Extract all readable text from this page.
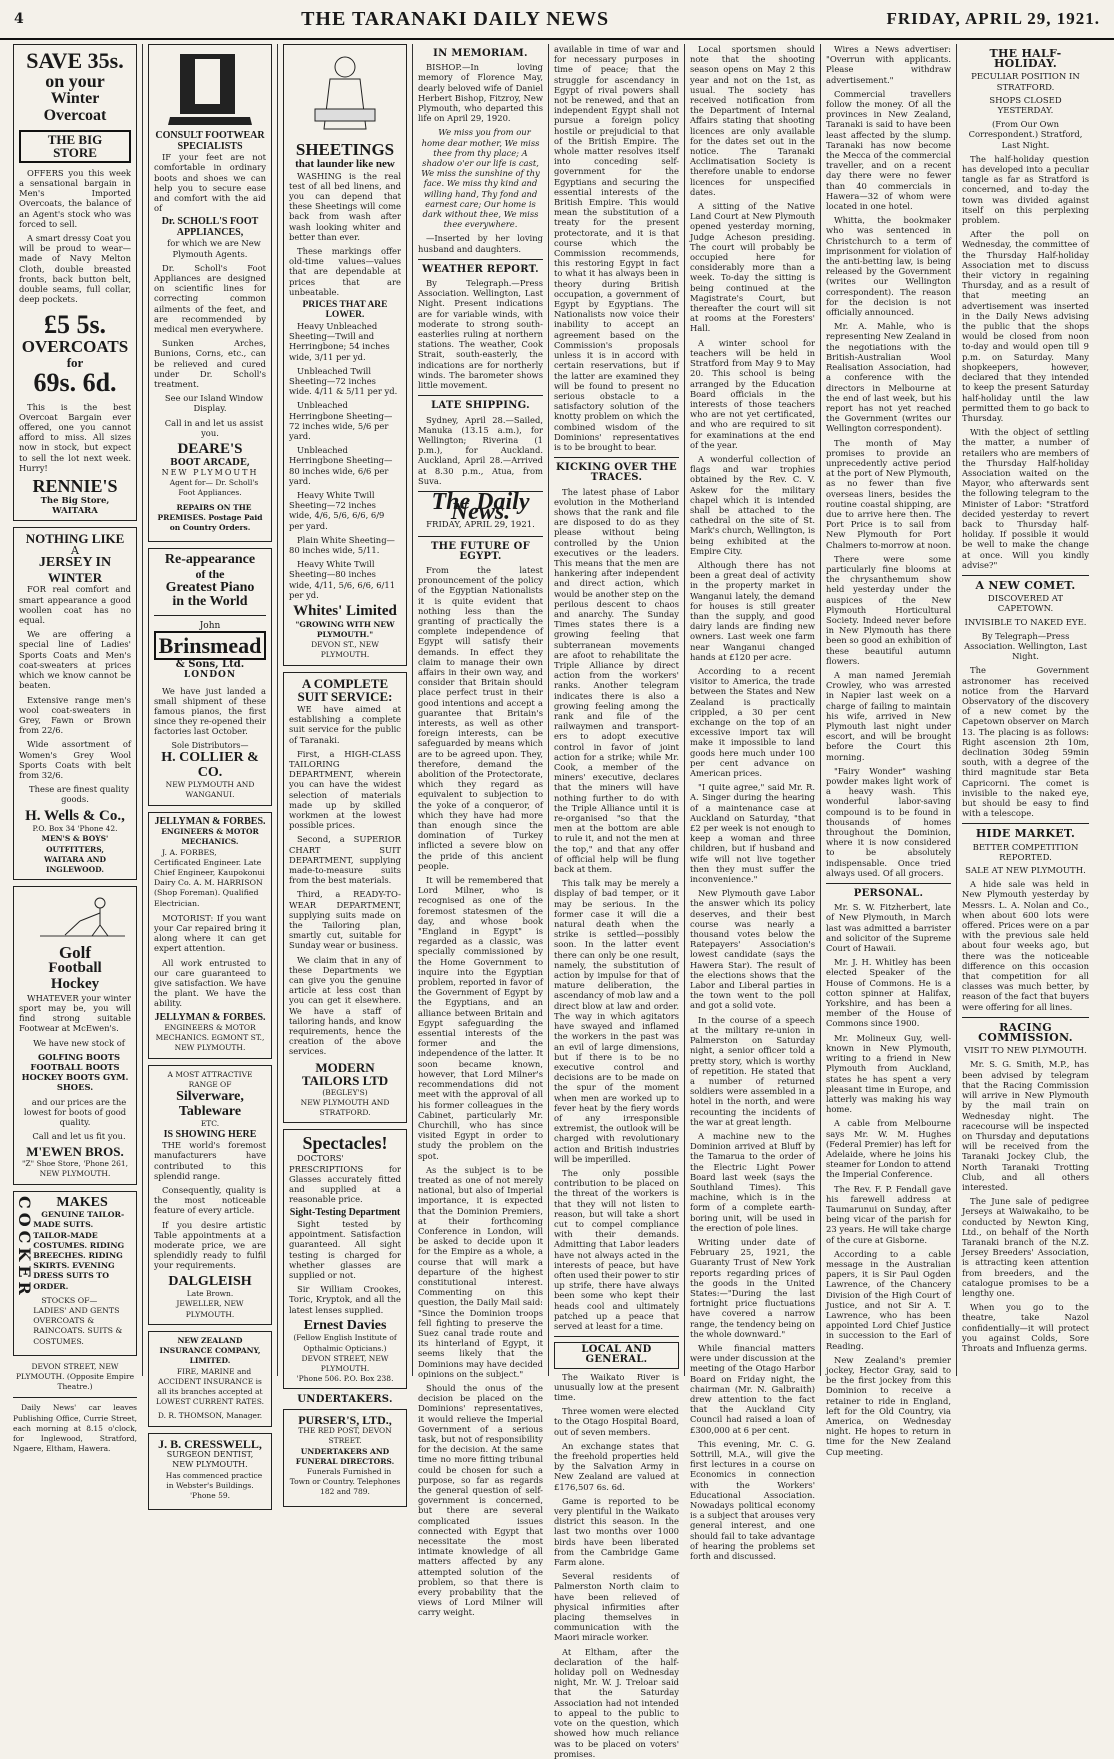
4	THE TARANAKI DAILY NEWS	FRIDAY, APRIL 29, 1921.
SAVE 35s.
on your
Winter Overcoat
THE BIG STORE

OFFERS you this week a sensational bargain in Men's Imported Overcoats, the balance of an Agent's stock who was forced to sell.

A smart dressy Coat you will be proud to wear—made of Navy Melton Cloth, double breasted fronts, back button belt, double seams, full collar, deep pockets.

£5 5s.
OVERCOATS
for
69s. 6d.

This is the best Overcoat Bargain ever offered, one you cannot afford to miss. All sizes now in stock, but expect to sell the lot next week. Hurry!

RENNIE'S
The Big Store, WAITARA
NOTHING LIKE
A
JERSEY IN
WINTER

FOR real comfort and smart appearance a good woollen coat has no equal.

We are offering a special line of Ladies' Sports Coats and Men's coat-sweaters at prices which we know cannot be beaten.

Extensive range men's wool coat-sweaters in Grey, Fawn or Brown from 22/6.

Wide assortment of Women's Grey Wool Sports Coats with belt from 32/6.

These are finest quality goods.

H. Wells & Co.,
P.O. Box 34 'Phone 42.
MEN'S & BOYS' OUTFITTERS,
WAITARA AND INGLEWOOD.
Golf
Football
Hockey

WHATEVER your winter sport may be, you will find strong suitable Footwear at McEwen's.

We have new stock of

GOLFING BOOTS FOOTBALL BOOTS HOCKEY BOOTS GYM. SHOES.

and our prices are the lowest for boots of good quality.

Call and let us fit you.

M'EWEN BROS.
"Z" Shoe Store, 'Phone 261, NEW PLYMOUTH.
COCKER	MAKES

GENUINE TAILOR-MADE SUITS. TAILOR-MADE COSTUMES. RIDING BREECHES. RIDING SKIRTS. EVENING DRESS SUITS TO ORDER.

STOCKS OF— LADIES' AND GENTS OVERCOATS & RAINCOATS. SUITS & COSTUMES.

DEVON STREET, NEW PLYMOUTH. (Opposite Empire Theatre.)

Daily News' car leaves Publishing Office, Currie Street, each morning at 8.15 o'clock, for Inglewood, Stratford, Ngaere, Eltham, Hawera.

CONSULT FOOTWEAR SPECIALISTS

IF your feet are not comfortable in ordinary boots and shoes we can help you to secure ease and comfort with the aid of

Dr. SCHOLL'S FOOT APPLIANCES,

for which we are New Plymouth Agents.

Dr. Scholl's Foot Appliances are designed on scientific lines for correcting common ailments of the feet, and are recommended by medical men everywhere.

Sunken Arches, Bunions, Corns, etc., can be relieved and cured under Dr. Scholl's treatment.

See our Island Window Display.

Call in and let us assist you.

DEARE'S
BOOT ARCADE,
NEW PLYMOUTH

Agent for— Dr. Scholl's Foot Appliances.

REPAIRS ON THE PREMISES. Postage Paid on Country Orders.

Re-appearance
of the
Greatest Piano
in the World
John
Brinsmead
& Sons, Ltd.
LONDON

We have just landed a small shipment of these famous pianos, the first since they re-opened their factories last October.

Sole Distributors—
H. COLLIER & CO.
NEW PLYMOUTH AND WANGANUI.
JELLYMAN & FORBES.
ENGINEERS & MOTOR MECHANICS.

J. A. FORBES, Certificated Engineer. Late Chief Engineer, Kaupokonui Dairy Co. A. M. HARRISON (Shop Foreman). Qualified Electrician.

MOTORIST: If you want your Car repaired bring it along where it can get expert attention.

All work entrusted to our care guaranteed to give satisfaction. We have the plant. We have the ability.

JELLYMAN & FORBES.
ENGINEERS & MOTOR MECHANICS. EGMONT ST., NEW PLYMOUTH.
A MOST ATTRACTIVE RANGE OF
Silverware, Tableware
ETC.
IS SHOWING HERE

THE world's foremost manufacturers have contributed to this splendid range.

Consequently, quality is the most noticeable feature of every article.

If you desire artistic Table appointments at a moderate price, we are splendidly ready to fulfil your requirements.

DALGLEISH
Late Brown.
JEWELLER, NEW PLYMOUTH.
NEW ZEALAND INSURANCE COMPANY, LIMITED.

FIRE, MARINE and ACCIDENT INSURANCE is all its branches accepted at LOWEST CURRENT RATES.

D. R. THOMSON, Manager.
J. B. CRESSWELL,
SURGEON DENTIST,
NEW PLYMOUTH.

Has commenced practice in Webster's Buildings. 'Phone 59.

SHEETINGS
that launder like new

WASHING is the real test of all bed linens, and you can depend that these Sheetings will come back from wash after wash looking whiter and better than ever.

These markings offer old-time values—values that are dependable at prices that are unbeatable.

PRICES THAT ARE LOWER.

Heavy Unbleached Sheeting—Twill and Herringbone; 54 inches wide, 3/11 per yd.

Unbleached Twill Sheeting—72 inches wide. 4/11 & 5/11 per yd.

Unbleached Herringbone Sheeting—72 inches wide, 5/6 per yard.

Unbleached Herringbone Sheeting—80 inches wide, 6/6 per yard.

Heavy White Twill Sheeting—72 inches wide, 4/6, 5/6, 6/6, 6/9 per yard.

Plain White Sheeting—80 inches wide, 5/11.

Heavy White Twill Sheeting—80 inches wide, 4/11, 5/6, 6/6, 6/11 per yd.

Whites' Limited
"GROWING WITH NEW PLYMOUTH."
DEVON ST., NEW PLYMOUTH.
A COMPLETE SUIT SERVICE:

WE have aimed at establishing a complete suit service for the public of Taranaki.

First, a HIGH-CLASS TAILORING DEPARTMENT, wherein you can have the widest selection of materials made up by skilled workmen at the lowest possible prices.

Second, a SUPERIOR CHART SUIT DEPARTMENT, supplying made-to-measure suits from the best materials.

Third, a READY-TO-WEAR DEPARTMENT, supplying suits made on the Tailoring plan, smartly cut, suitable for Sunday wear or business.

We claim that in any of these Departments we can give you the genuine article at less cost than you can get it elsewhere. We have a staff of tailoring hands, and know requirements, hence the creation of the above services.

MODERN TAILORS LTD
(BEGLEY'S)
NEW PLYMOUTH AND STRATFORD.
Spectacles!

DOCTORS' PRESCRIPTIONS for Glasses accurately fitted and supplied at a reasonable price.

Sight-Testing Department

Sight tested by appointment. Satisfaction guaranteed. All sight testing is charged for whether glasses are supplied or not.

Sir William Crookes, Toric, Kryptok, and all the latest lenses supplied.

Ernest Davies
(Fellow English Institute of Opthalmic Opticians.)
DEVON STREET, NEW PLYMOUTH.
'Phone 506. P.O. Box 238.
UNDERTAKERS.
PURSER'S, LTD.,
THE RED POST, DEVON STREET.
UNDERTAKERS AND FUNERAL DIRECTORS.

Funerals Furnished in Town or Country. Telephones 182 and 789.

IN MEMORIAM.

BISHOP.—In loving memory of Florence May, dearly beloved wife of Daniel Herbert Bishop, Fitzroy, New Plymouth, who departed this life on April 29, 1920.

We miss you from our home dear mother, We miss thee from thy place; A shadow o'er our life is cast, We miss the sunshine of thy face. We miss thy kind and willing hand, Thy fond and earnest care; Our home is dark without thee, We miss thee everywhere.

—Inserted by her loving husband and daughters.

WEATHER REPORT.

By Telegraph.—Press Association. Wellington, Last Night. Present indications are for variable winds, with moderate to strong south-easterlies ruling at northern stations. The weather, Cook Strait, south-easterly, the indications are for northerly winds. The barometer shows little movement.

LATE SHIPPING.

Sydney, April 28.—Sailed, Manuka (13.15 a.m.), for Wellington; Riverina (1 p.m.), for Auckland. Auckland, April 28.—Arrived at 8.30 p.m., Atua, from Suva.

The Daily News.
FRIDAY, APRIL 29, 1921.
THE FUTURE OF EGYPT.

From the latest pronouncement of the policy of the Egyptian Nationalists it is quite evident that nothing less than the granting of practically the complete independence of Egypt will satisfy their demands. In effect they claim to manage their own affairs in their own way, and consider that Britain should place perfect trust in their good intentions and accept a guarantee that Britain's interests, as well as other foreign interests, can be safeguarded by means which are to be agreed upon. They, therefore, demand the abolition of the Protectorate, which they regard as equivalent to subjection to the yoke of a conqueror, of which they have had more than enough since the domination of Turkey inflicted a severe blow on the pride of this ancient people.

It will be remembered that Lord Milner, who is recognised as one of the foremost statesmen of the day, and whose book "England in Egypt" is regarded as a classic, was specially commissioned by the Home Government to inquire into the Egyptian problem, reported in favor of the Government of Egypt by the Egyptians, and an alliance between Britain and Egypt safeguarding the essential interests of the former and the independence of the latter. It soon became known, however, that Lord Milner's recommendations did not meet with the approval of all his former colleagues in the Cabinet, particularly Mr. Churchill, who has since visited Egypt in order to study the problem on the spot.

As the subject is to be treated as one of not merely national, but also of Imperial importance, it is expected that the Dominion Premiers, at their forthcoming Conference in London, will be asked to decide upon it for the Empire as a whole, a course that will mark a departure of the highest constitutional interest. Commenting on this question, the Daily Mail said: "Since the Dominion troops fell fighting to preserve the Suez canal trade route and its hinterland of Egypt, it seems likely that the Dominions may have decided opinions on the subject."

Should the onus of the decision be placed on the Dominions' representatives, it would relieve the Imperial Government of a serious task, but not of responsibility for the decision. At the same time no more fitting tribunal could be chosen for such a purpose, so far as regards the general question of self-government is concerned, but there are several complicated issues connected with Egypt that necessitate the most intimate knowledge of all matters affected by any attempted solution of the problem, so that there is every probability that the views of Lord Milner will carry weight.

available in time of war and for necessary purposes in time of peace; that the struggle for ascendancy in Egypt of rival powers shall not be renewed, and that an independent Egypt shall not pursue a foreign policy hostile or prejudicial to that of the British Empire. The whole matter resolves itself into conceding self-government for the Egyptians and securing the essential interests of the British Empire. This would mean the substitution of a treaty for the present protectorate, and it is that course which the Commission recommends, this restoring Egypt in fact to what it has always been in theory during British occupation, a government of Egypt by Egyptians. The Nationalists now voice their inability to accept an agreement based on the Commission's proposals unless it is in accord with certain reservations, but if the latter are examined they will be found to present no serious obstacle to a satisfactory solution of the knotty problem on which the combined wisdom of the Dominions' representatives is to be brought to bear.

KICKING OVER THE TRACES.

The latest phase of Labor evolution in the Motherland shows that the rank and file are disposed to do as they please without being controlled by the Union executives or the leaders. This means that the men are hankering after independent and direct action, which would be another step on the perilous descent to chaos and anarchy. The Sunday Times states there is a growing feeling that subterranean movements are afoot to rehabilitate the Triple Alliance by direct action from the workers' ranks. Another telegram indicates there is also a growing feeling among the rank and file of the railwaymen and transport-ers to adopt executive control in favor of joint action for a strike; while Mr. Cook, a member of the miners' executive, declares that the miners will have nothing further to do with the Triple Alliance until it is re-organised "so that the men at the bottom are able to rule it, and not the men at the top," and that any offer of official help will be flung back at them.

This talk may be merely a display of bad temper, or it may be serious. In the former case it will die a natural death when the strike is settled—possibly soon. In the latter event there can only be one result, namely, the substitution of action by impulse for that of mature deliberation, the ascendancy of mob law and a direct blow at law and order. The way in which agitators have swayed and inflamed the workers in the past was an evil of large dimensions, but if there is to be no executive control and decisions are to be made on the spur of the moment when men are worked up to fever heat by the fiery words of any irresponsible extremist, the outlook will be charged with revolutionary action and British industries will be imperilled.

The only possible contribution to be placed on the threat of the workers is that they will not listen to reason, but will take a short cut to compel compliance with their demands. Admitting that Labor leaders have not always acted in the interests of peace, but have often used their power to stir up strife, there have always been some who kept their heads cool and ultimately patched up a peace that served at least for a time.

LOCAL AND GENERAL.

The Waikato River is unusually low at the present time.

Three women were elected to the Otago Hospital Board, out of seven members.

An exchange states that the freehold properties held by the Salvation Army in New Zealand are valued at £176,507 6s. 6d.

Game is reported to be very plentiful in the Waikato district this season. In the last two months over 1000 birds have been liberated from the Cambridge Game Farm alone.

Several residents of Palmerston North claim to have been relieved of physical infirmities after placing themselves in communication with the Maori miracle worker.

At Eltham, after the declaration of the half-holiday poll on Wednesday night, Mr. W. J. Treloar said that the Saturday Association had not intended to appeal to the public to vote on the question, which showed how much reliance was to be placed on voters' promises.

Local sportsmen should note that the shooting season opens on May 2 this year and not on the 1st, as usual. The society has received notification from the Department of Internal Affairs stating that shooting licences are only available for the dates set out in the notice. The Taranaki Acclimatisation Society is therefore unable to endorse licences for unspecified dates.

A sitting of the Native Land Court at New Plymouth opened yesterday morning, Judge Acheson presiding. The court will probably be occupied here for considerably more than a week. To-day the sitting is being continued at the Magistrate's Court, but thereafter the court will sit at rooms at the Foresters' Hall.

A winter school for teachers will be held in Stratford from May 9 to May 20. This school is being arranged by the Education Board officials in the interests of those teachers who are not yet certificated, and who are required to sit for examinations at the end of the year.

A wonderful collection of flags and war trophies obtained by the Rev. C. V. Askew for the military chapel which it is intended shall be attached to the cathedral on the site of St. Mark's church, Wellington, is being exhibited at the Empire City.

Although there has not been a great deal of activity in the property market in Wanganui lately, the demand for houses is still greater than the supply, and good dairy lands are finding new owners. Last week one farm near Wanganui changed hands at £120 per acre.

According to a recent visitor to America, the trade between the States and New Zealand is practically crippled, a 30 per cent exchange on the top of an excessive import tax will make it impossible to land goods here much under 100 per cent advance on American prices.

"I quite agree," said Mr. R. A. Singer during the hearing of a maintenance case at Auckland on Saturday, "that £2 per week is not enough to keep a woman and three children, but if husband and wife will not live together then they must suffer the inconvenience."

New Plymouth gave Labor the answer which its policy deserves, and their best course was nearly a thousand votes below the Ratepayers' Association's lowest candidate (says the Hawera Star). The result of the elections shows that the Labor and Liberal parties in the town went to the poll and got a solid vote.

In the course of a speech at the military re-union in Palmerston on Saturday night, a senior officer told a pretty story, which is worthy of repetition. He stated that a number of returned soldiers were assembled in a hotel in the north, and were recounting the incidents of the war at great length.

A machine new to the Dominion arrived at Bluff by the Tamarua to the order of the Electric Light Power Board last week (says the Southland Times). This machine, which is in the form of a complete earth-boring unit, will be used in the erection of pole lines.

Writing under date of February 25, 1921, the Guaranty Trust of New York reports regarding prices of the goods in the United States:—"During the last fortnight price fluctuations have covered a narrow range, the tendency being on the whole downward."

While financial matters were under discussion at the meeting of the Otago Harbor Board on Friday night, the chairman (Mr. N. Galbraith) drew attention to the fact that the Auckland City Council had raised a loan of £300,000 at 6 per cent.

This evening, Mr. C. G. Sottrill, M.A., will give the first lectures in a course on Economics in connection with the Workers' Educational Association. Nowadays political economy is a subject that arouses very general interest, and one should fail to take advantage of hearing the problems set forth and discussed.

Wires a News advertiser: "Overrun with applicants. Please withdraw advertisement."

Commercial travellers follow the money. Of all the provinces in New Zealand, Taranaki is said to have been least affected by the slump. Taranaki has now become the Mecca of the commercial traveller, and on a recent day there were no fewer than 40 commercials in Hawera—32 of whom were located in one hotel.

Whitta, the bookmaker who was sentenced in Christchurch to a term of imprisonment for violation of the anti-betting law, is being released by the Government (writes our Wellington correspondent). The reason for the decision is not officially announced.

Mr. A. Mahle, who is representing New Zealand in the negotiations with the British-Australian Wool Realisation Association, had a conference with the directors in Melbourne at the end of last week, but his report has not yet reached the Government (writes our Wellington correspondent).

The month of May promises to provide an unprecedently active period at the port of New Plymouth, as no fewer than five overseas liners, besides the routine coastal shipping, are due to arrive here then. The Port Price is to sail from New Plymouth for Port Chalmers to-morrow at noon.

There were some particularly fine blooms at the chrysanthemum show held yesterday under the auspices of the New Plymouth Horticultural Society. Indeed never before in New Plymouth has there been so good an exhibition of these beautiful autumn flowers.

A man named Jeremiah Crowley, who was arrested in Napier last week on a charge of failing to maintain his wife, arrived in New Plymouth last night under escort, and will be brought before the Court this morning.

"Fairy Wonder" washing powder makes light work of a heavy wash. This wonderful labor-saving compound is to be found in thousands of homes throughout the Dominion, where it is now considered to be absolutely indispensable. Once tried always used. Of all grocers.

PERSONAL.

Mr. S. W. Fitzherbert, late of New Plymouth, in March last was admitted a barrister and solicitor of the Supreme Court of Hawaii.

Mr. J. H. Whitley has been elected Speaker of the House of Commons. He is a cotton spinner at Halifax, Yorkshire, and has been a member of the House of Commons since 1900.

Mr. Molineux Guy, well-known in New Plymouth, writing to a friend in New Plymouth from Auckland, states he has spent a very pleasant time in Europe, and latterly was making his way home.

A cable from Melbourne says Mr. W. M. Hughes (Federal Premier) has left for Adelaide, where he joins his steamer for London to attend the Imperial Conference.

The Rev. F. P. Fendall gave his farewell address at Taumarunui on Sunday, after being vicar of the parish for 23 years. He will take charge of the cure at Gisborne.

According to a cable message in the Australian papers, it is Sir Paul Ogden Lawrence, of the Chancery Division of the High Court of Justice, and not Sir A. T. Lawrence, who has been appointed Lord Chief Justice in succession to the Earl of Reading.

New Zealand's premier jockey, Hector Gray, said to be the first jockey from this Dominion to receive a retainer to ride in England, left for the Old Country, via America, on Wednesday night. He hopes to return in time for the New Zealand Cup meeting.

THE HALF-HOLIDAY.
PECULIAR POSITION IN STRATFORD.
SHOPS CLOSED YESTERDAY.

(From Our Own Correspondent.) Stratford, Last Night.

The half-holiday question has developed into a peculiar tangle as far as Stratford is concerned, and to-day the town was divided against itself on this perplexing problem.

After the poll on Wednesday, the committee of the Thursday Half-holiday Association met to discuss their victory in regaining Thursday, and as a result of that meeting an advertisement was inserted in the Daily News advising the public that the shops would be closed from noon to-day and would open till 9 p.m. on Saturday. Many shopkeepers, however, declared that they intended to keep the present Saturday half-holiday until the law permitted them to go back to Thursday.

With the object of settling the matter, a number of retailers who are members of the Thursday Half-holiday Association waited on the Mayor, who afterwards sent the following telegram to the Minister of Labor: "Stratford decided yesterday to revert back to Thursday half-holiday. If possible it would be well to make the change at once. Will you kindly advise?"

A NEW COMET.
DISCOVERED AT CAPETOWN.
INVISIBLE TO NAKED EYE.

By Telegraph—Press Association. Wellington, Last Night.

The Government astronomer has received notice from the Harvard Observatory of the discovery of a new comet by the Capetown observer on March 13. The placing is as follows: Right ascension 2th 10m, declination 30deg 59min south, with a degree of the third magnitude star Beta Capricorni. The comet is invisible to the naked eye, but should be easy to find with a telescope.

HIDE MARKET.
BETTER COMPETITION REPORTED.
SALE AT NEW PLYMOUTH.

A hide sale was held in New Plymouth yesterday by Messrs. L. A. Nolan and Co., when about 600 lots were offered. Prices were on a par with the previous sale held about four weeks ago, but there was the noticeable difference on this occasion that competition for all classes was much better, by reason of the fact that buyers were offering for all lines.

RACING COMMISSION.
VISIT TO NEW PLYMOUTH.

Mr. S. G. Smith, M.P., has been advised by telegram that the Racing Commission will arrive in New Plymouth by the mail train on Wednesday night. The racecourse will be inspected on Thursday and deputations will be received from the Taranaki Jockey Club, the North Taranaki Trotting Club, and all others interested.

The June sale of pedigree Jerseys at Waiwakaiho, to be conducted by Newton King, Ltd., on behalf of the North Taranaki branch of the N.Z. Jersey Breeders' Association, is attracting keen attention from breeders, and the catalogue promises to be a lengthy one.

When you go to the theatre, take Nazol confidentially—it will protect you against Colds, Sore Throats and Influenza germs.
